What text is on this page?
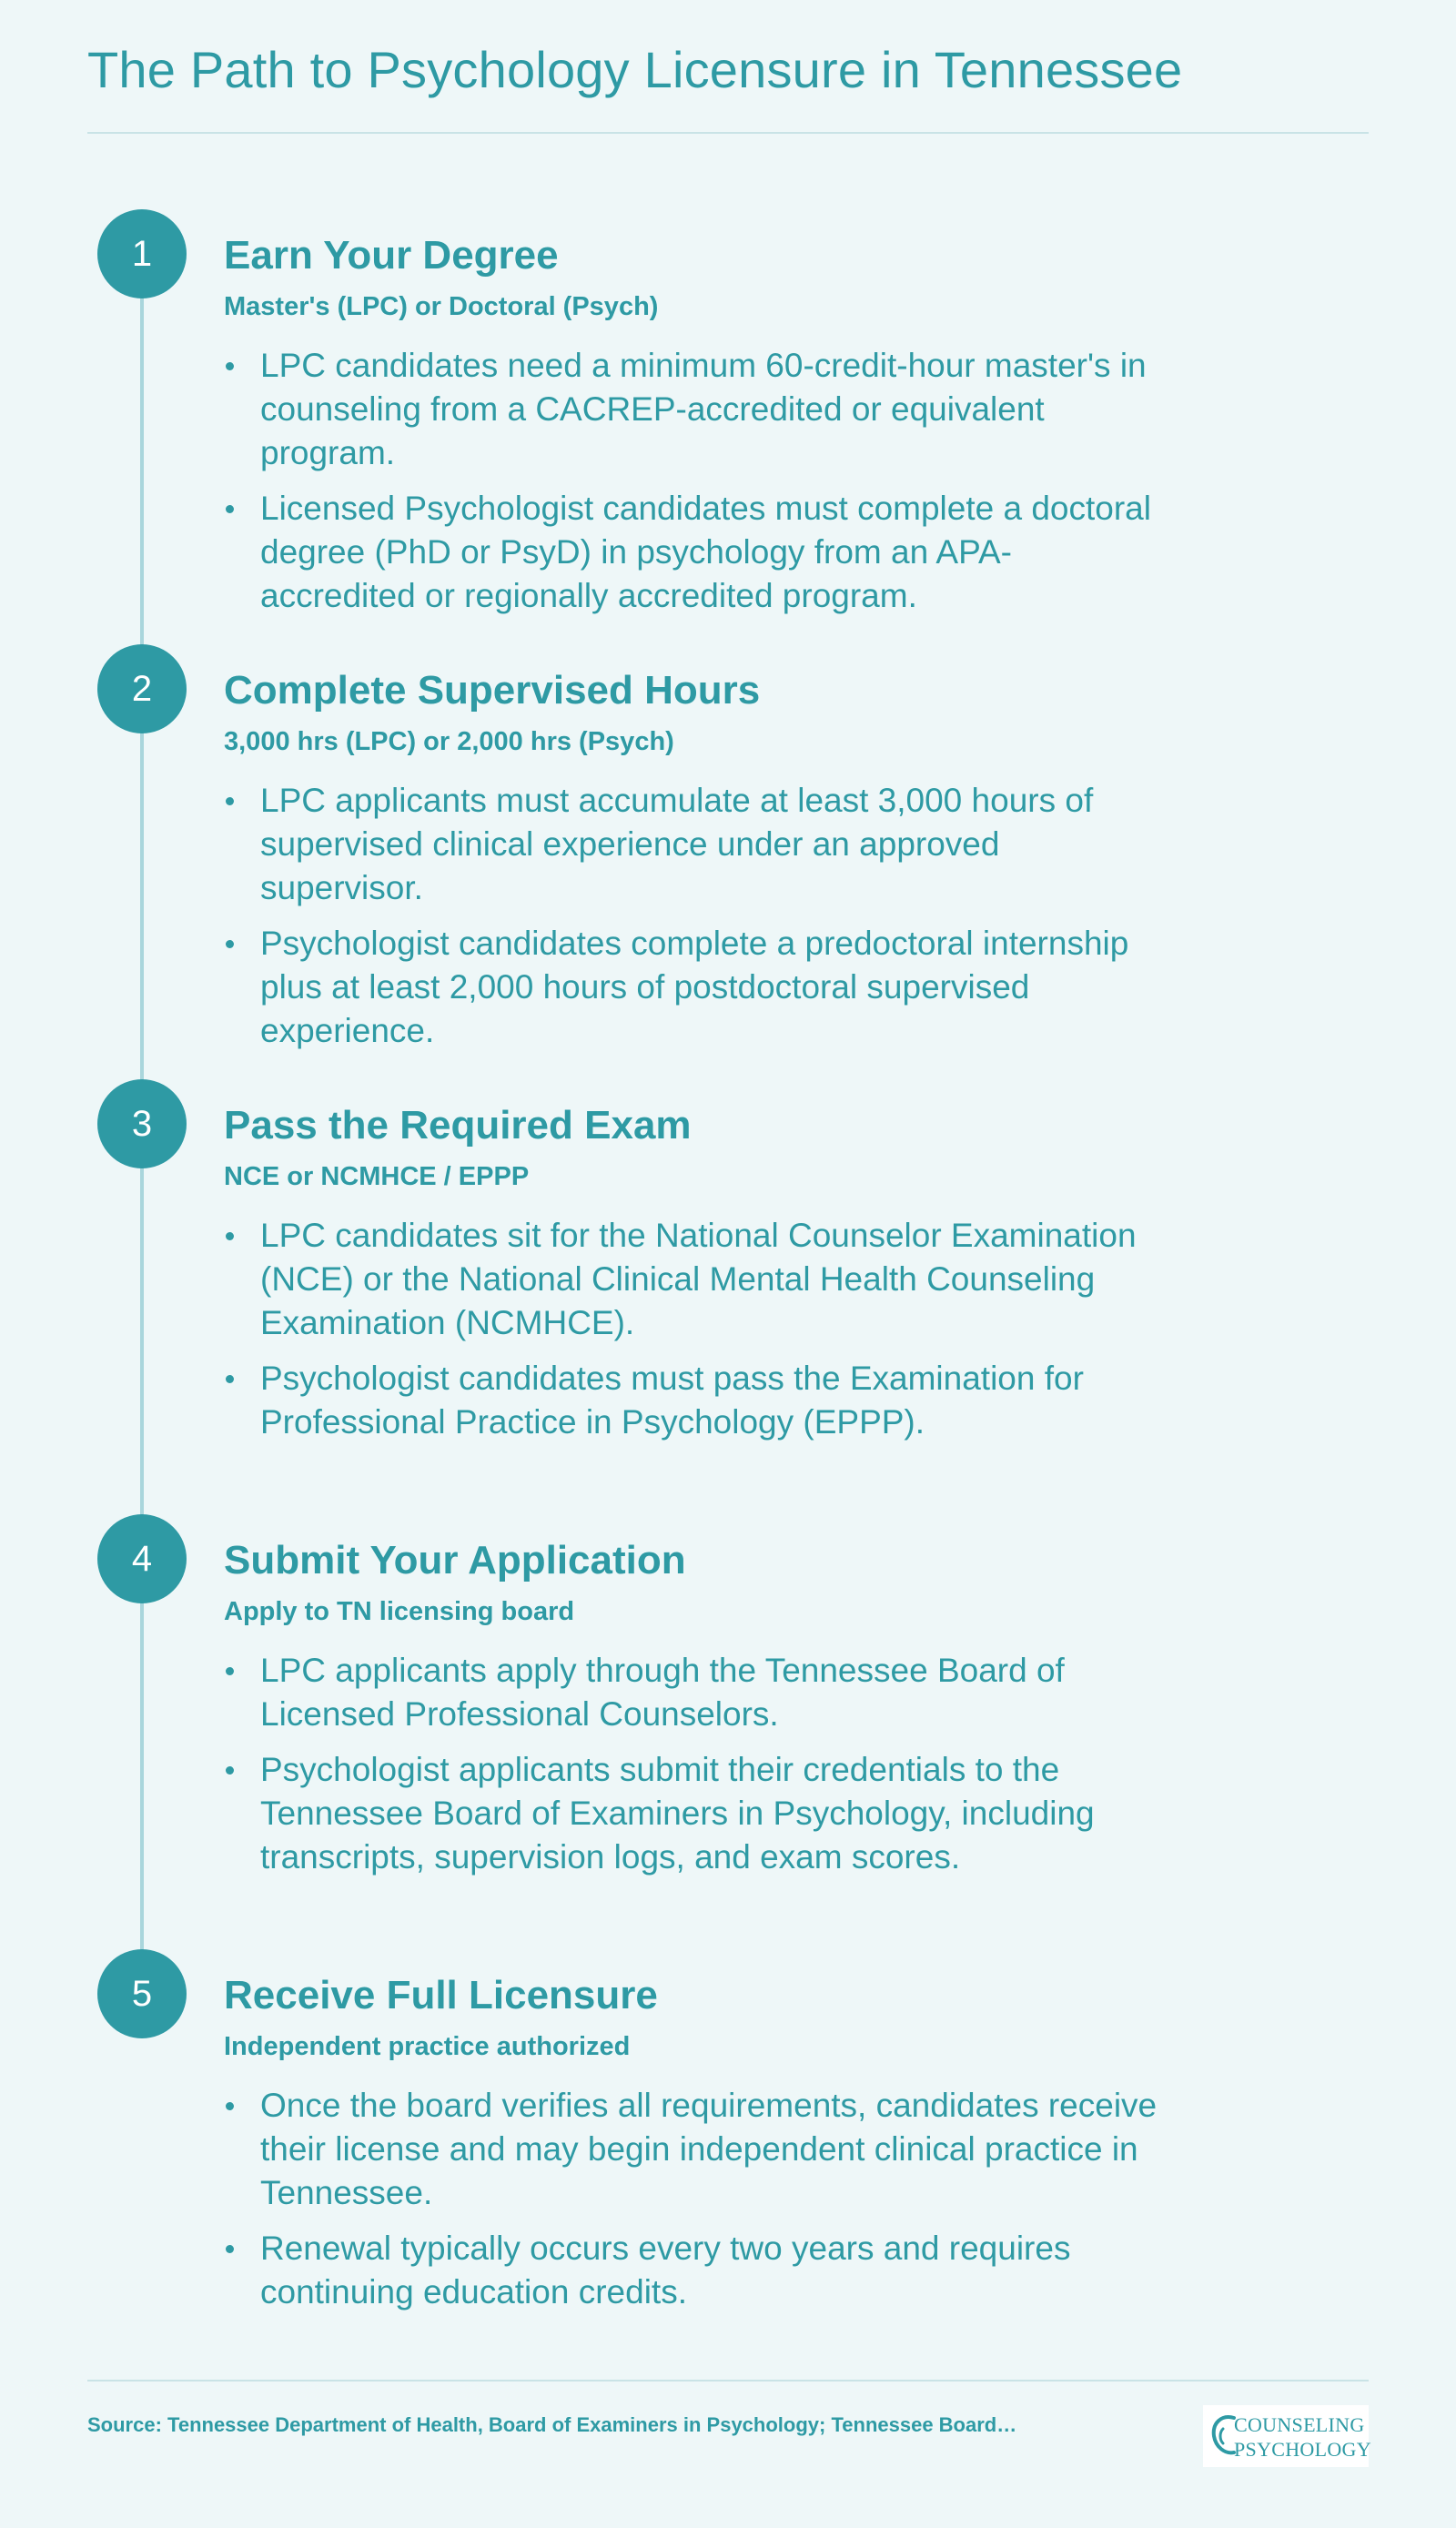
The Path to Psychology Licensure in Tennessee
1	Earn Your Degree
Master's (LPC) or Doctoral (Psych)
LPC candidates need a minimum 60-credit-hour master's in counseling from a CACREP-accredited or equivalent program.
Licensed Psychologist candidates must complete a doctoral degree (PhD or PsyD) in psychology from an APA-accredited or regionally accredited program.
2	Complete Supervised Hours
3,000 hrs (LPC) or 2,000 hrs (Psych)
LPC applicants must accumulate at least 3,000 hours of supervised clinical experience under an approved supervisor.
Psychologist candidates complete a predoctoral internship plus at least 2,000 hours of postdoctoral supervised experience.
3	Pass the Required Exam
NCE or NCMHCE / EPPP
LPC candidates sit for the National Counselor Examination (NCE) or the National Clinical Mental Health Counseling Examination (NCMHCE).
Psychologist candidates must pass the Examination for Professional Practice in Psychology (EPPP).
4	Submit Your Application
Apply to TN licensing board
LPC applicants apply through the Tennessee Board of Licensed Professional Counselors.
Psychologist applicants submit their credentials to the Tennessee Board of Examiners in Psychology, including transcripts, supervision logs, and exam scores.
5	Receive Full Licensure
Independent practice authorized
Once the board verifies all requirements, candidates receive their license and may begin independent clinical practice in Tennessee.
Renewal typically occurs every two years and requires continuing education credits.
Source: Tennessee Department of Health, Board of Examiners in Psychology; Tennessee Board…	COUNSELING
PSYCHOLOGY
